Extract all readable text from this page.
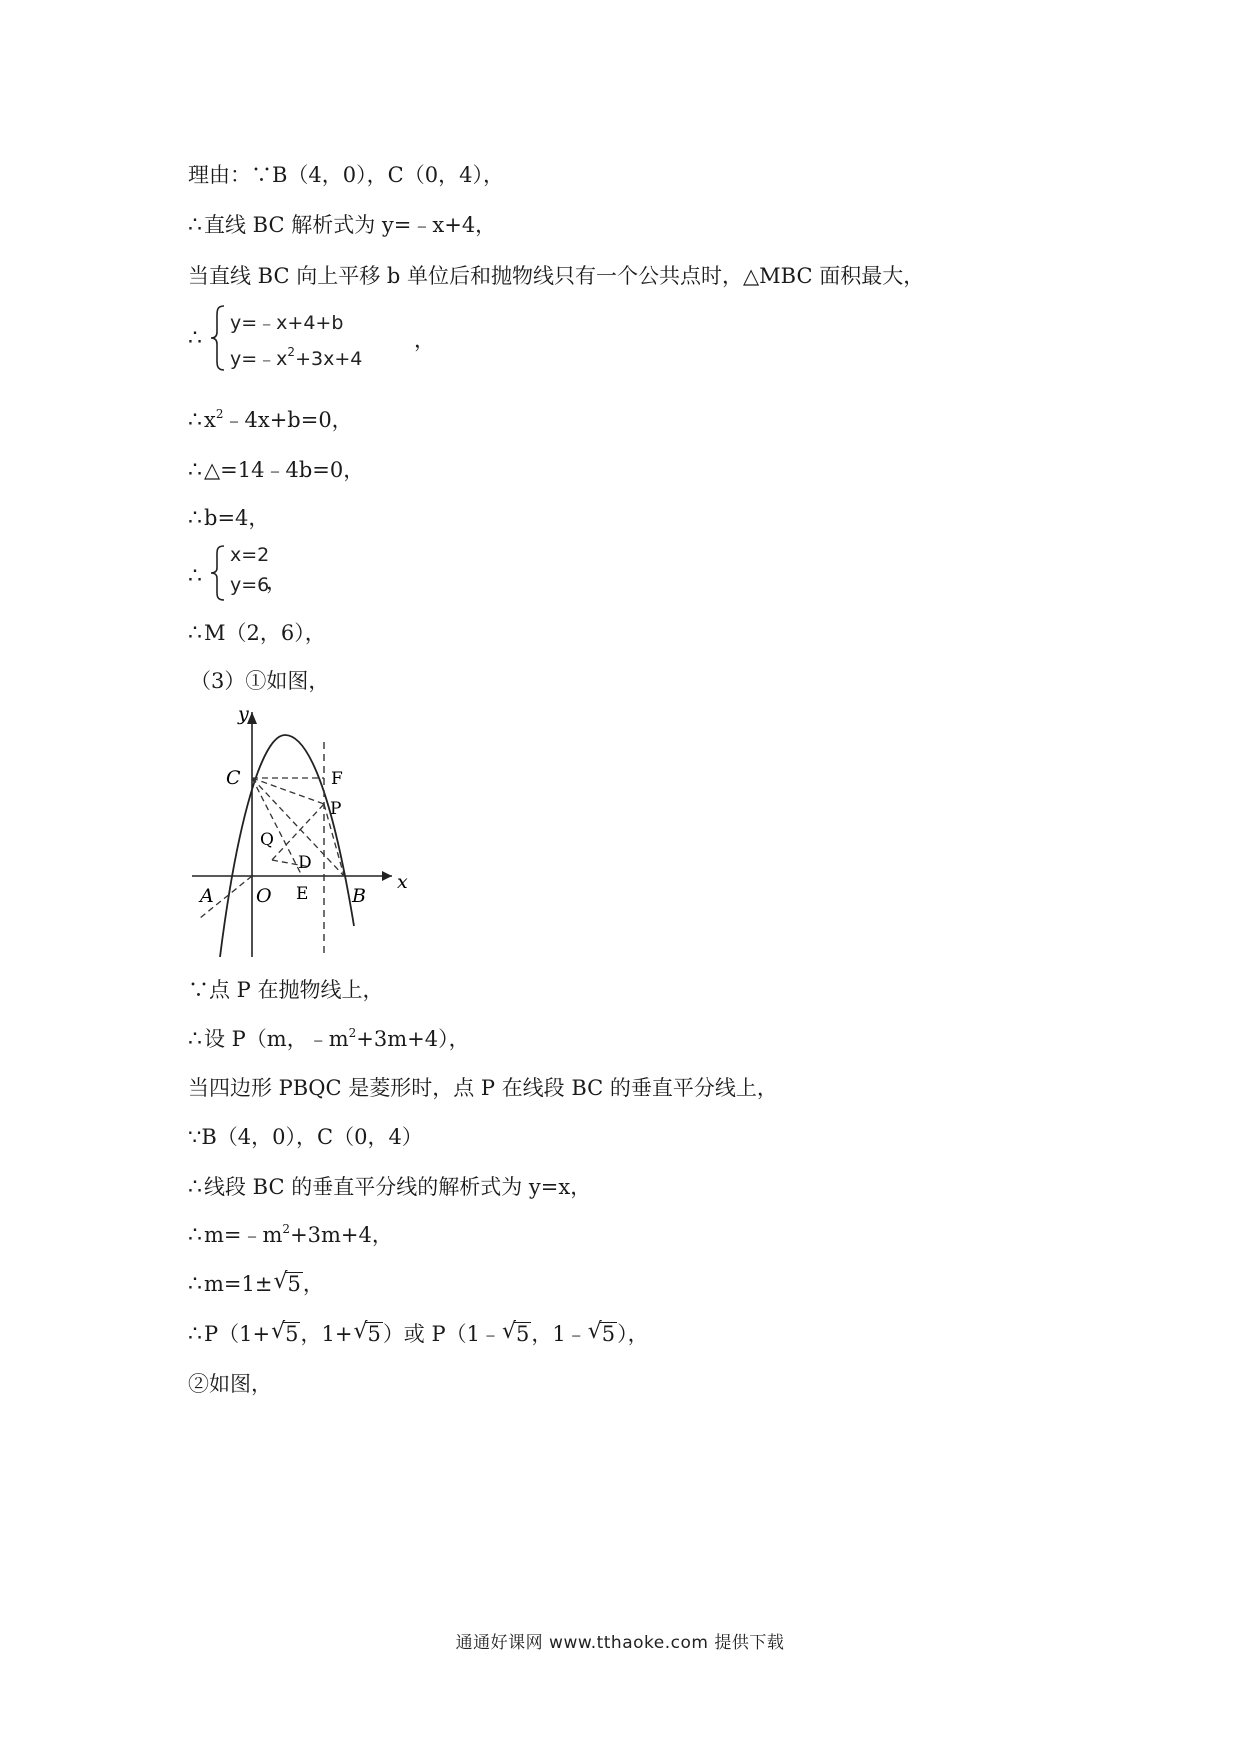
理由：∵B（4，0），C（0，4），
∴直线 BC 解析式为 y=﹣x+4，
当直线 BC 向上平移 b 单位后和抛物线只有一个公共点时，△MBC 面积最大，
∴
y=﹣x+4+b
$y=﹣x^2+3x+4$
，
$\therefore x^2﹣4x+b=0$，
∴△=14﹣4b=0，
∴b=4，
∴
x=2
y=6
，
∴M（2，6），
（3）①如图，
y
x
C	F
P
Q
D
A O E B
∵点 P 在抛物线上，
∴设 P（m，$﹣m^2+3m+4$），
当四边形 PBQC 是菱形时，点 P 在线段 BC 的垂直平分线上，
∵B（4，0），C（0，4）
∴线段 BC 的垂直平分线的解析式为 y=x，
$\therefore m=﹣m^2+3m+4$，
∴m=1± √ 5，
∴P（1+ √ 5，1+ √ 5）或 P（1﹣ √ 5，1﹣ √ 5），
②如图，
通通好课网 www.tthaoke.com 提供下载
